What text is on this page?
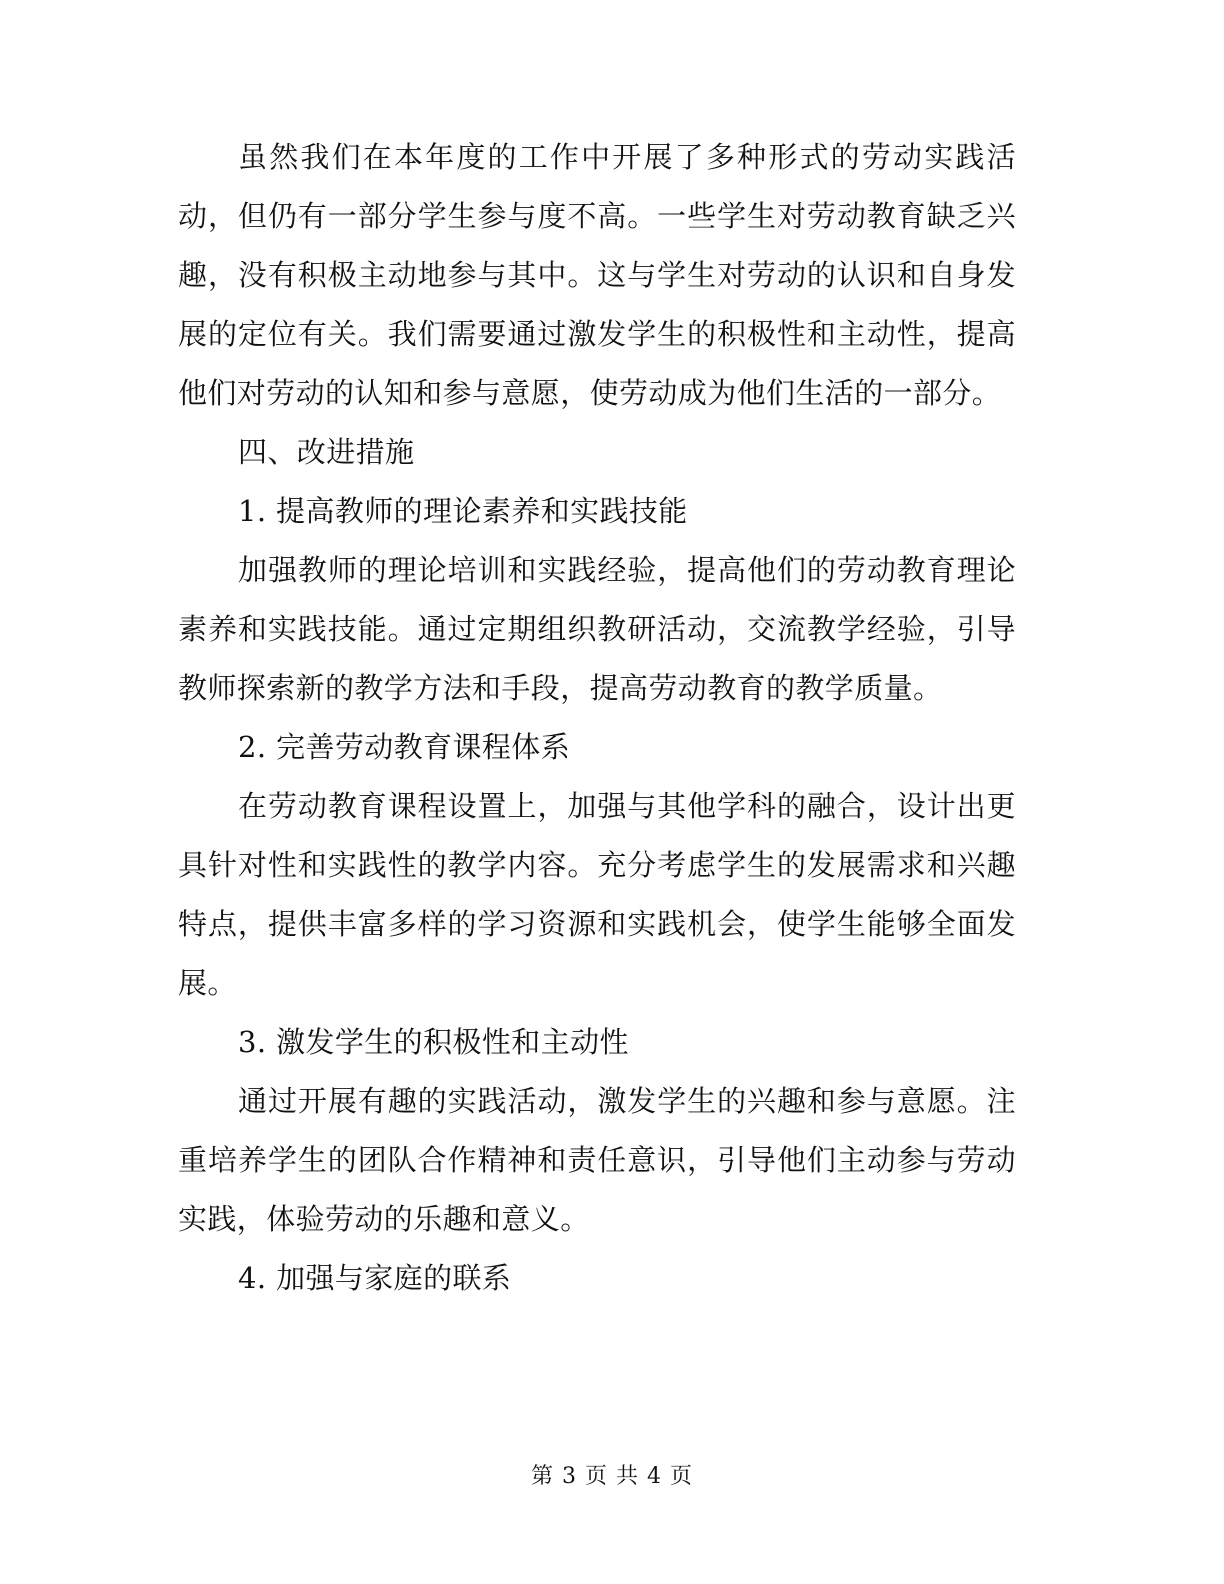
虽然我们在本年度的工作中开展了多种形式的劳动实践活动，但仍有一部分学生参与度不高。一些学生对劳动教育缺乏兴趣，没有积极主动地参与其中。这与学生对劳动的认识和自身发展的定位有关。我们需要通过激发学生的积极性和主动性，提高他们对劳动的认知和参与意愿，使劳动成为他们生活的一部分。

四、改进措施

1. 提高教师的理论素养和实践技能

加强教师的理论培训和实践经验，提高他们的劳动教育理论素养和实践技能。通过定期组织教研活动，交流教学经验，引导教师探索新的教学方法和手段，提高劳动教育的教学质量。

2. 完善劳动教育课程体系

在劳动教育课程设置上，加强与其他学科的融合，设计出更具针对性和实践性的教学内容。充分考虑学生的发展需求和兴趣特点，提供丰富多样的学习资源和实践机会，使学生能够全面发展。

3. 激发学生的积极性和主动性

通过开展有趣的实践活动，激发学生的兴趣和参与意愿。注重培养学生的团队合作精神和责任意识，引导他们主动参与劳动实践，体验劳动的乐趣和意义。

4. 加强与家庭的联系

第 3 页 共 4 页
